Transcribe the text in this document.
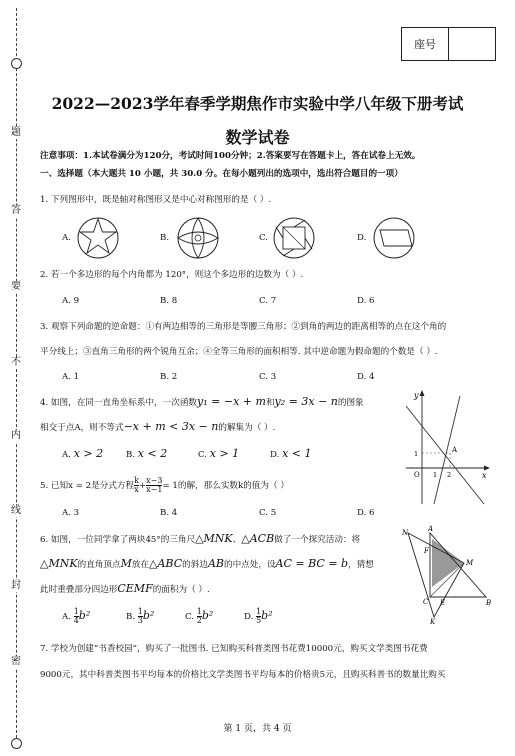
题
答
要
不
内
线
封
密
座号
2022—2023学年春季学期焦作市实验中学八年级下册考试
数学试卷
注意事项：1.本试卷满分为120分，考试时间100分钟；2.答案要写在答题卡上，答在试卷上无效。
一、选择题（本大题共 10 小题，共 30.0 分。在每小题列出的选项中，选出符合题目的一项）
1. 下列图形中，既是轴对称图形又是中心对称图形的是（ ）.
A.	B.	C.	D.
2. 若一个多边形的每个内角都为 120°，则这个多边形的边数为（ ）.
A. 9	B. 8	C. 7	D. 6
3. 观察下列命题的逆命题：①有两边相等的三角形是等腰三角形；②到角的两边的距离相等的点在这个角的
平分线上；③直角三角形的两个锐角互余；④全等三角形的面积相等. 其中逆命题为假命题的个数是（ ）.
A. 1	B. 2	C. 3	D. 4
4. 如图，在同一直角坐标系中，一次函数y₁ = −x + m和y₂ = 3x − n的图象
相交于点A，则不等式−x + m < 3x − n的解集为（ ）.
A. x > 2	B. x < 2	C. x > 1	D. x < 1
y
x
O
A
1
1 2
5. 已知x = 2是分式方程 $\frac{k}{x} + \frac{x-3}{x-1} = 1$的解，那么实数k的值为（ ）
A. 3	B. 4	C. 5	D. 6
6. 如图，一位同学拿了两块45°的三角尺△MNK、△ACB做了一个探究活动：将
△MNK的直角顶点M放在△ABC的斜边AB的中点处，设AC = BC = b，猜想
此时重叠部分四边形CEMF的面积为（ ）.
A. $\frac{1}{4} b^2$	B. $\frac{1}{3} b^2$	C. $\frac{1}{2} b^2$	D. $\frac{1}{5} b^2$
N	A
F
M
C E	B
K
7. 学校为创建“书香校园”，购买了一批图书. 已知购买科普类图书花费10000元，购买文学类图书花费
9000元，其中科普类图书平均每本的价格比文学类图书平均每本的价格贵5元，且购买科普书的数量比购买
第 1 页，共 4 页
